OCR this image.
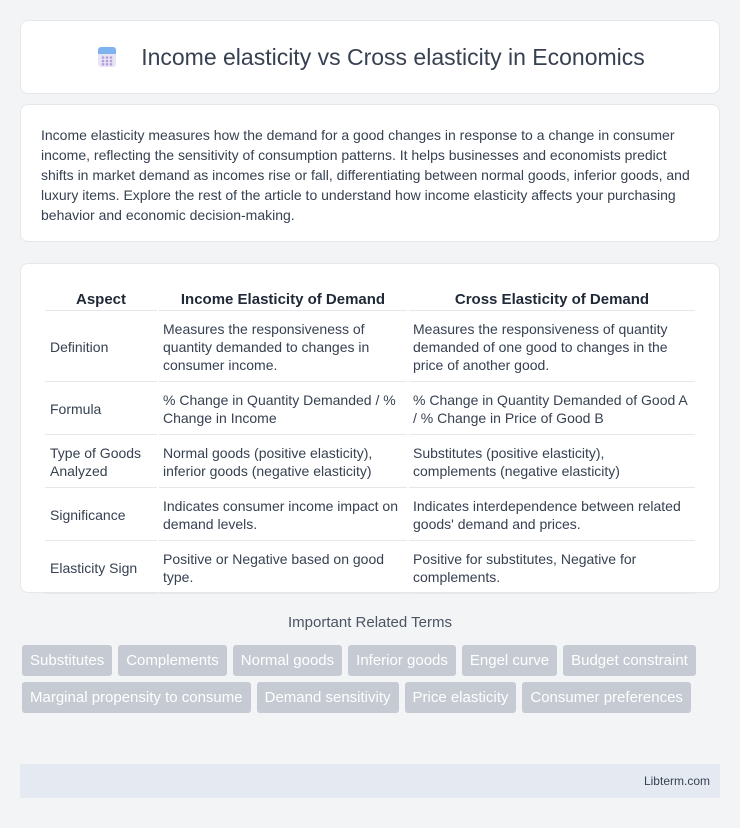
Income elasticity vs Cross elasticity in Economics

Income elasticity measures how the demand for a good changes in response to a change in consumer income, reflecting the sensitivity of consumption patterns. It helps businesses and economists predict shifts in market demand as incomes rise or fall, differentiating between normal goods, inferior goods, and luxury items. Explore the rest of the article to understand how income elasticity affects your purchasing behavior and economic decision-making.

Aspect	Income Elasticity of Demand	Cross Elasticity of Demand
Definition	Measures the responsiveness of quantity demanded to changes in consumer income.	Measures the responsiveness of quantity demanded of one good to changes in the price of another good.
Formula	% Change in Quantity Demanded / % Change in Income	% Change in Quantity Demanded of Good A / % Change in Price of Good B
Type of Goods Analyzed	Normal goods (positive elasticity), inferior goods (negative elasticity)	Substitutes (positive elasticity), complements (negative elasticity)
Significance	Indicates consumer income impact on demand levels.	Indicates interdependence between related goods' demand and prices.
Elasticity Sign	Positive or Negative based on good type.	Positive for substitutes, Negative for complements.
Important Related Terms
Substitutes	Complements	Normal goods	Inferior goods	Engel curve	Budget constraint
Marginal propensity to consume	Demand sensitivity	Price elasticity	Consumer preferences
Libterm.com
